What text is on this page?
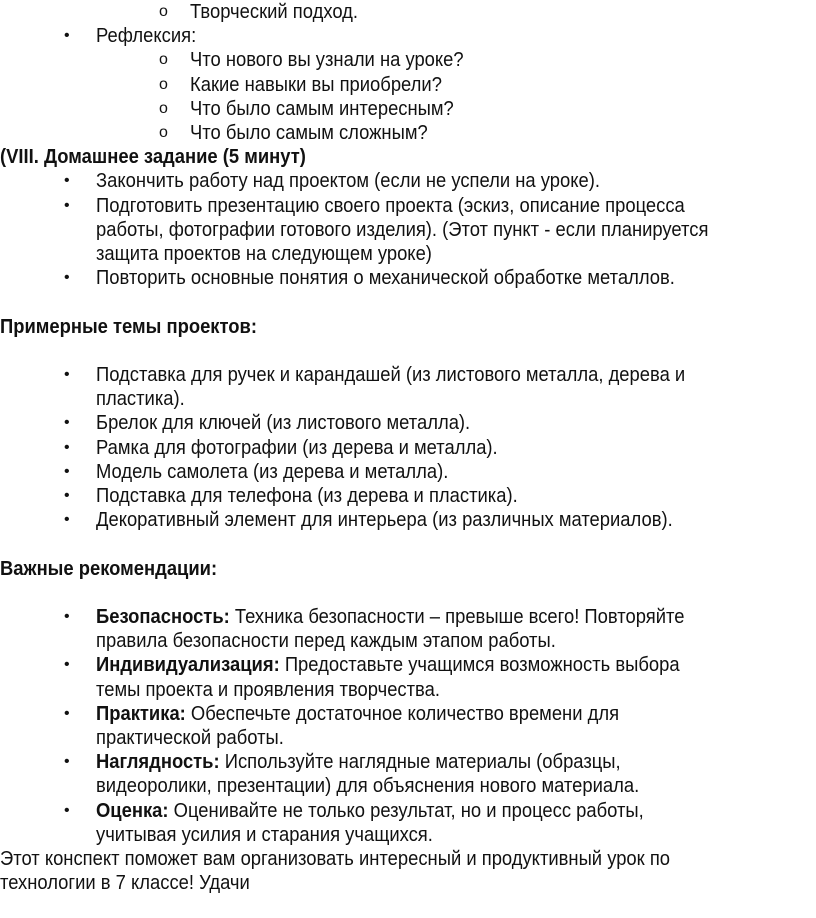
o Творческий подход.
• Рефлексия:
o Что нового вы узнали на уроке?
o Какие навыки вы приобрели?
o Что было самым интересным?
o Что было самым сложным?
(VIII. Домашнее задание (5 минут)
• Закончить работу над проектом (если не успели на уроке).
• Подготовить презентацию своего проекта (эскиз, описание процесса
работы, фотографии готового изделия). (Этот пункт - если планируется
защита проектов на следующем уроке)
• Повторить основные понятия о механической обработке металлов.
Примерные темы проектов:
• Подставка для ручек и карандашей (из листового металла, дерева и
пластика).
• Брелок для ключей (из листового металла).
• Рамка для фотографии (из дерева и металла).
• Модель самолета (из дерева и металла).
• Подставка для телефона (из дерева и пластика).
• Декоративный элемент для интерьера (из различных материалов).
Важные рекомендации:
• Безопасность: Техника безопасности – превыше всего! Повторяйте
правила безопасности перед каждым этапом работы.
• Индивидуализация: Предоставьте учащимся возможность выбора
темы проекта и проявления творчества.
• Практика: Обеспечьте достаточное количество времени для
практической работы.
• Наглядность: Используйте наглядные материалы (образцы,
видеоролики, презентации) для объяснения нового материала.
• Оценка: Оценивайте не только результат, но и процесс работы,
учитывая усилия и старания учащихся.
Этот конспект поможет вам организовать интересный и продуктивный урок по
технологии в 7 классе! Удачи
